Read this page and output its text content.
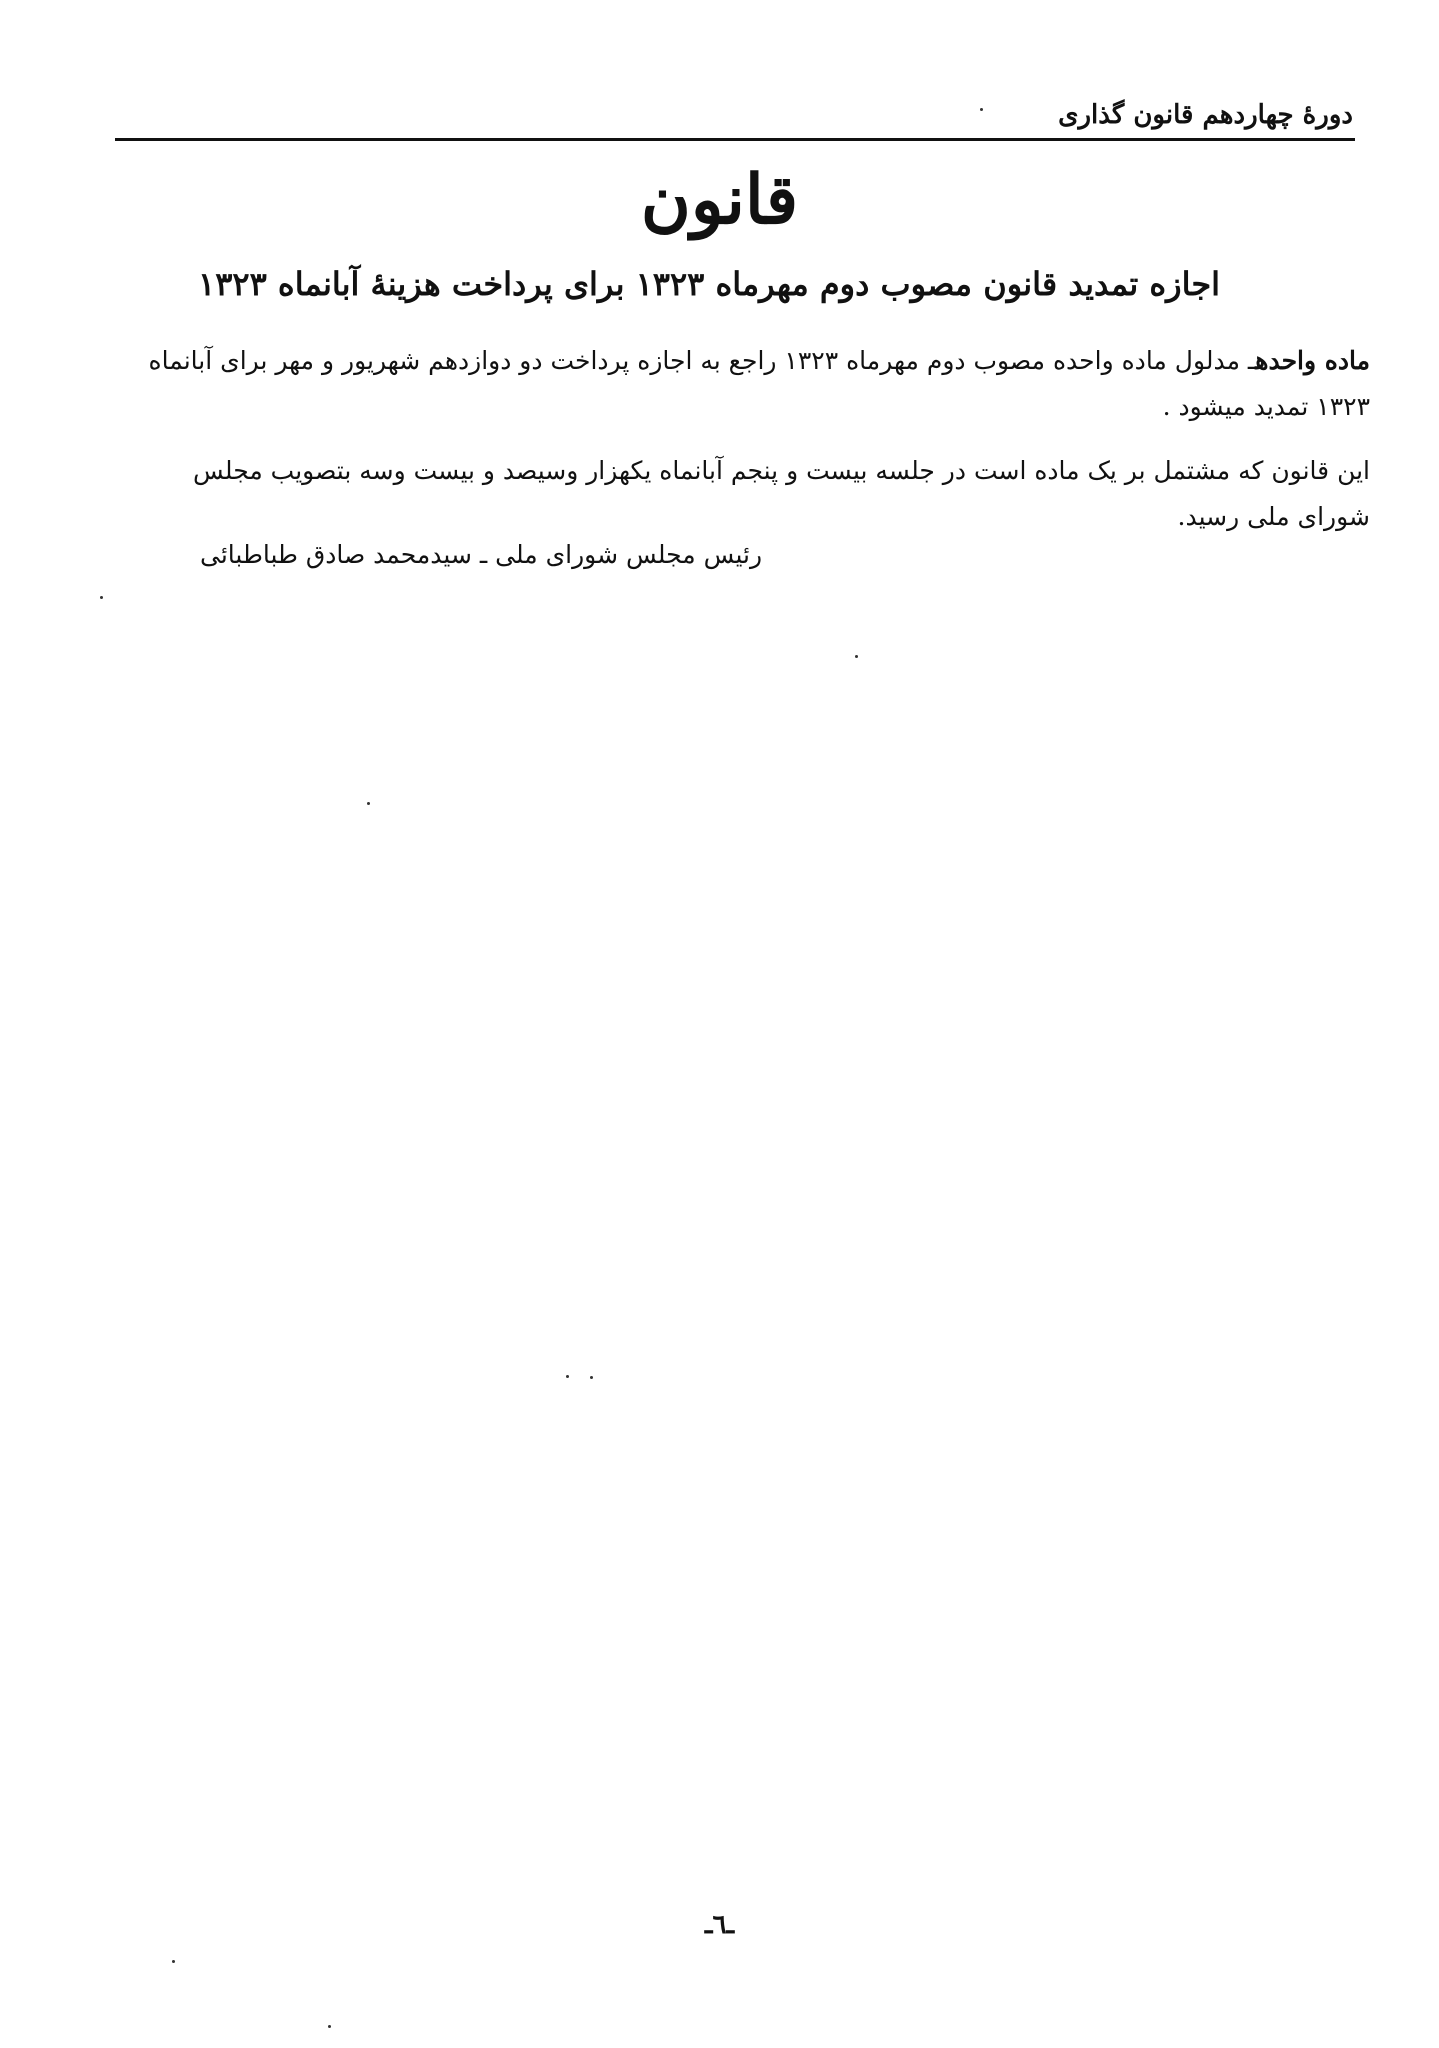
دورهٔ چهاردهم قانون گذاری
قانون
اجازه تمدید قانون مصوب دوم مهرماه ۱۳۲۳ برای پرداخت هزینهٔ آبانماه ۱۳۲۳
ماده واحدهـ مدلول ماده واحده مصوب دوم مهرماه ۱۳۲۳ راجع به اجازه پرداخت دو دوازدهم شهریور و مهر برای آبانماه ۱۳۲۳ تمدید میشود .
این قانون که مشتمل بر یک ماده است در جلسه بیست و پنجم آبانماه یکهزار وسیصد و بیست وسه بتصویب مجلس شورای ملی رسید.
رئیس مجلس شورای ملی ـ سیدمحمد صادق طباطبائی
ـ٦ـ
